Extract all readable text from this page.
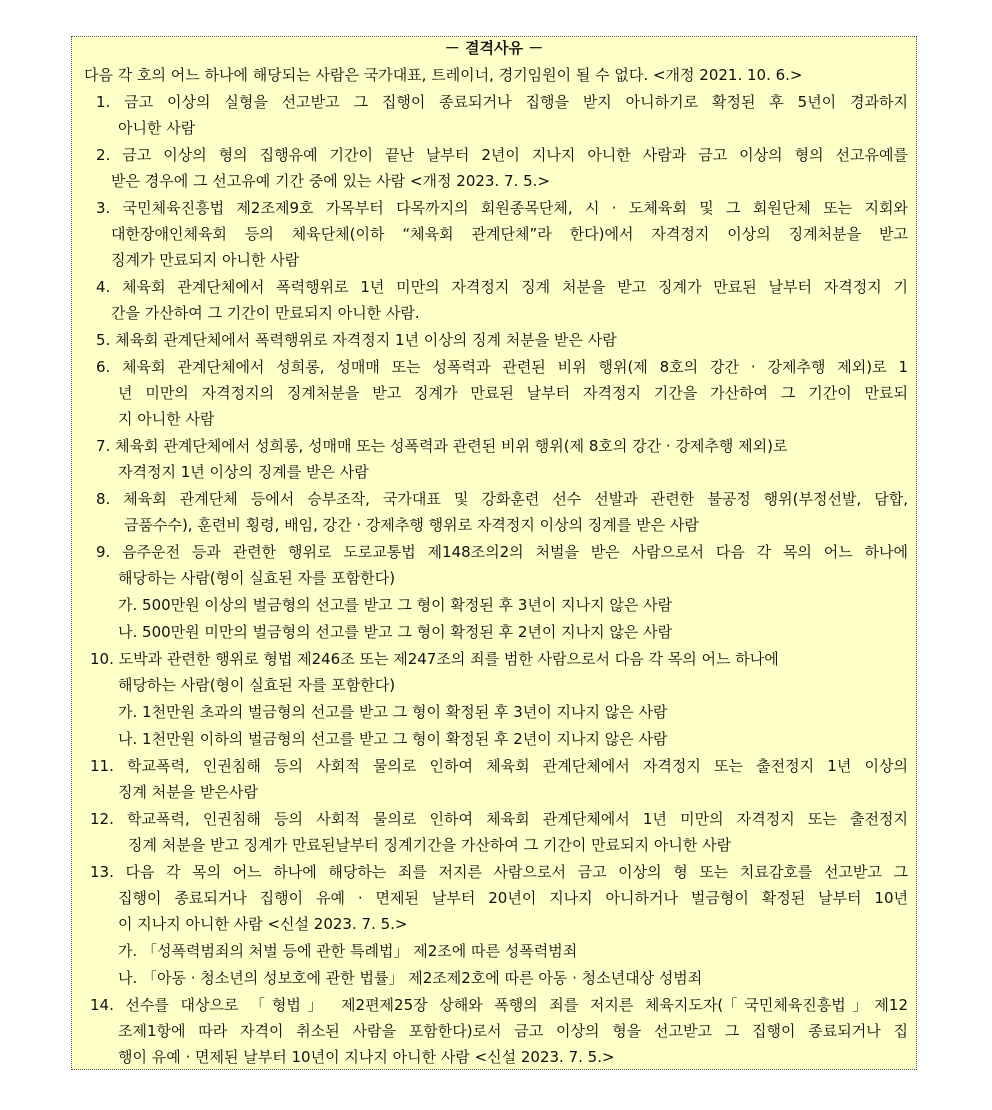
－ 결격사유 －
다음 각 호의 어느 하나에 해당되는 사람은 국가대표, 트레이너, 경기임원이 될 수 없다. <개정 2021. 10. 6.>
1. 금고 이상의 실형을 선고받고 그 집행이 종료되거나 집행을 받지 아니하기로 확정된 후 5년이 경과하지
아니한 사람
2. 금고 이상의 형의 집행유예 기간이 끝난 날부터 2년이 지나지 아니한 사람과 금고 이상의 형의 선고유예를
받은 경우에 그 선고유예 기간 중에 있는 사람 <개정 2023. 7. 5.>
3. 국민체육진흥법 제2조제9호 가목부터 다목까지의 회원종목단체, 시 · 도체육회 및 그 회원단체 또는 지회와
대한장애인체육회 등의 체육단체(이하 “체육회 관계단체”라 한다)에서 자격정지 이상의 징계처분을 받고
징계가 만료되지 아니한 사람
4. 체육회 관계단체에서 폭력행위로 1년 미만의 자격정지 징계 처분을 받고 징계가 만료된 날부터 자격정지 기
간을 가산하여 그 기간이 만료되지 아니한 사람.
5. 체육회 관계단체에서 폭력행위로 자격정지 1년 이상의 징계 처분을 받은 사람
6. 체육회 관계단체에서 성희롱, 성매매 또는 성폭력과 관련된 비위 행위(제 8호의 강간 · 강제추행 제외)로 1
년 미만의 자격정지의 징계처분을 받고 징계가 만료된 날부터 자격정지 기간을 가산하여 그 기간이 만료되
지 아니한 사람
7. 체육회 관계단체에서 성희롱, 성매매 또는 성폭력과 관련된 비위 행위(제 8호의 강간 · 강제추행 제외)로
자격정지 1년 이상의 징계를 받은 사람
8. 체육회 관계단체 등에서 승부조작, 국가대표 및 강화훈련 선수 선발과 관련한 불공정 행위(부정선발, 담합,
금품수수), 훈련비 횡령, 배임, 강간 · 강제추행 행위로 자격정지 이상의 징계를 받은 사람
9. 음주운전 등과 관련한 행위로 도로교통법 제148조의2의 처벌을 받은 사람으로서 다음 각 목의 어느 하나에
해당하는 사람(형이 실효된 자를 포함한다)
가. 500만원 이상의 벌금형의 선고를 받고 그 형이 확정된 후 3년이 지나지 않은 사람
나. 500만원 미만의 벌금형의 선고를 받고 그 형이 확정된 후 2년이 지나지 않은 사람
10. 도박과 관련한 행위로 형법 제246조 또는 제247조의 죄를 범한 사람으로서 다음 각 목의 어느 하나에
해당하는 사람(형이 실효된 자를 포함한다)
가. 1천만원 초과의 벌금형의 선고를 받고 그 형이 확정된 후 3년이 지나지 않은 사람
나. 1천만원 이하의 벌금형의 선고를 받고 그 형이 확정된 후 2년이 지나지 않은 사람
11. 학교폭력, 인권침해 등의 사회적 물의로 인하여 체육회 관계단체에서 자격정지 또는 출전정지 1년 이상의
징계 처분을 받은사람
12. 학교폭력, 인권침해 등의 사회적 물의로 인하여 체육회 관계단체에서 1년 미만의 자격정지 또는 출전정지
징계 처분을 받고 징계가 만료된날부터 징계기간을 가산하여 그 기간이 만료되지 아니한 사람
13. 다음 각 목의 어느 하나에 해당하는 죄를 저지른 사람으로서 금고 이상의 형 또는 치료감호를 선고받고 그
집행이 종료되거나 집행이 유예 · 면제된 날부터 20년이 지나지 아니하거나 벌금형이 확정된 날부터 10년
이 지나지 아니한 사람 <신설 2023. 7. 5.>
가. 「성폭력범죄의 처벌 등에 관한 특례법」 제2조에 따른 성폭력범죄
나. 「아동 · 청소년의 성보호에 관한 법률」 제2조제2호에 따른 아동 · 청소년대상 성범죄
14. 선수를 대상으로 「형법」 제2편제25장 상해와 폭행의 죄를 저지른 체육지도자(「국민체육진흥법」제12
조제1항에 따라 자격이 취소된 사람을 포함한다)로서 금고 이상의 형을 선고받고 그 집행이 종료되거나 집
행이 유예 · 면제된 날부터 10년이 지나지 아니한 사람 <신설 2023. 7. 5.>
